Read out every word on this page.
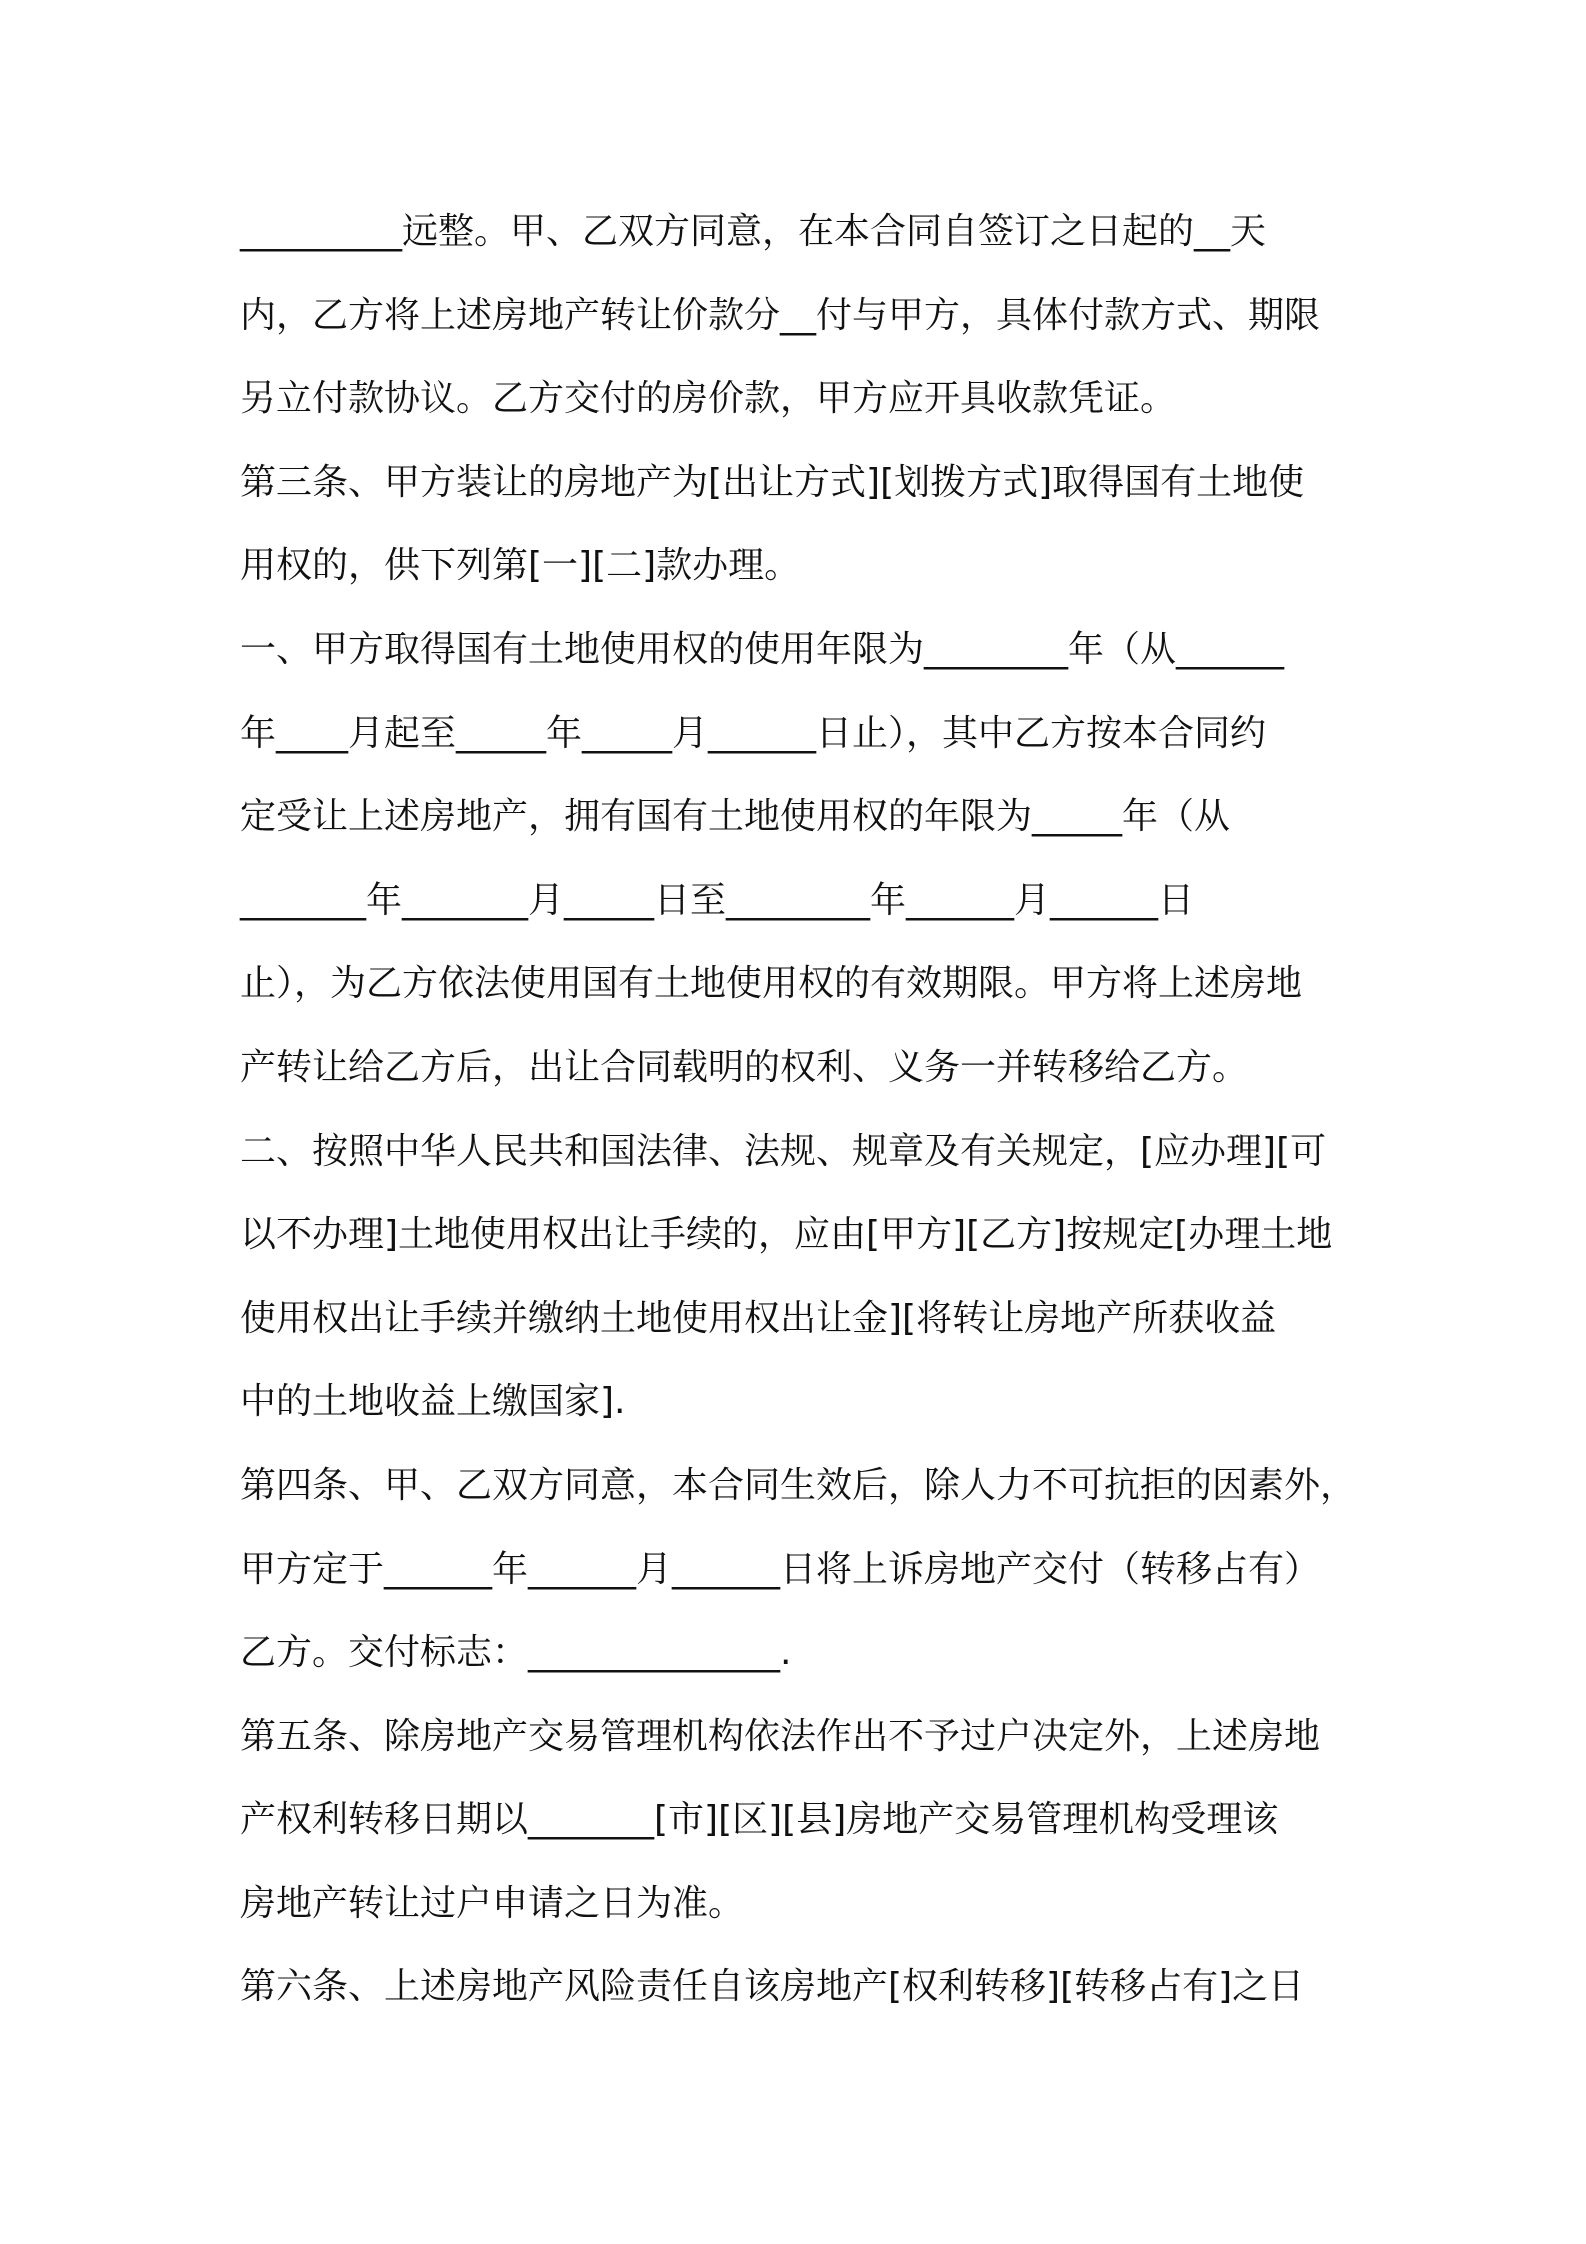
_________远整。甲、乙双方同意，在本合同自签订之日起的__天
内，乙方将上述房地产转让价款分__付与甲方，具体付款方式、期限
另立付款协议。乙方交付的房价款，甲方应开具收款凭证。
第三条、甲方装让的房地产为[出让方式][划拨方式]取得国有土地使
用权的，供下列第[一][二]款办理。
一、甲方取得国有土地使用权的使用年限为________年（从______
年____月起至_____年_____月______日止），其中乙方按本合同约
定受让上述房地产，拥有国有土地使用权的年限为_____年（从
_______年_______月_____日至________年______月______日
止），为乙方依法使用国有土地使用权的有效期限。甲方将上述房地
产转让给乙方后，出让合同载明的权利、义务一并转移给乙方。
二、按照中华人民共和国法律、法规、规章及有关规定，[应办理][可
以不办理]土地使用权出让手续的，应由[甲方][乙方]按规定[办理土地
使用权出让手续并缴纳土地使用权出让金][将转让房地产所获收益
中的土地收益上缴国家].
第四条、甲、乙双方同意，本合同生效后，除人力不可抗拒的因素外，
甲方定于______年______月______日将上诉房地产交付（转移占有）
乙方。交付标志：______________.
第五条、除房地产交易管理机构依法作出不予过户决定外，上述房地
产权利转移日期以_______[市][区][县]房地产交易管理机构受理该
房地产转让过户申请之日为准。
第六条、上述房地产风险责任自该房地产[权利转移][转移占有]之日
